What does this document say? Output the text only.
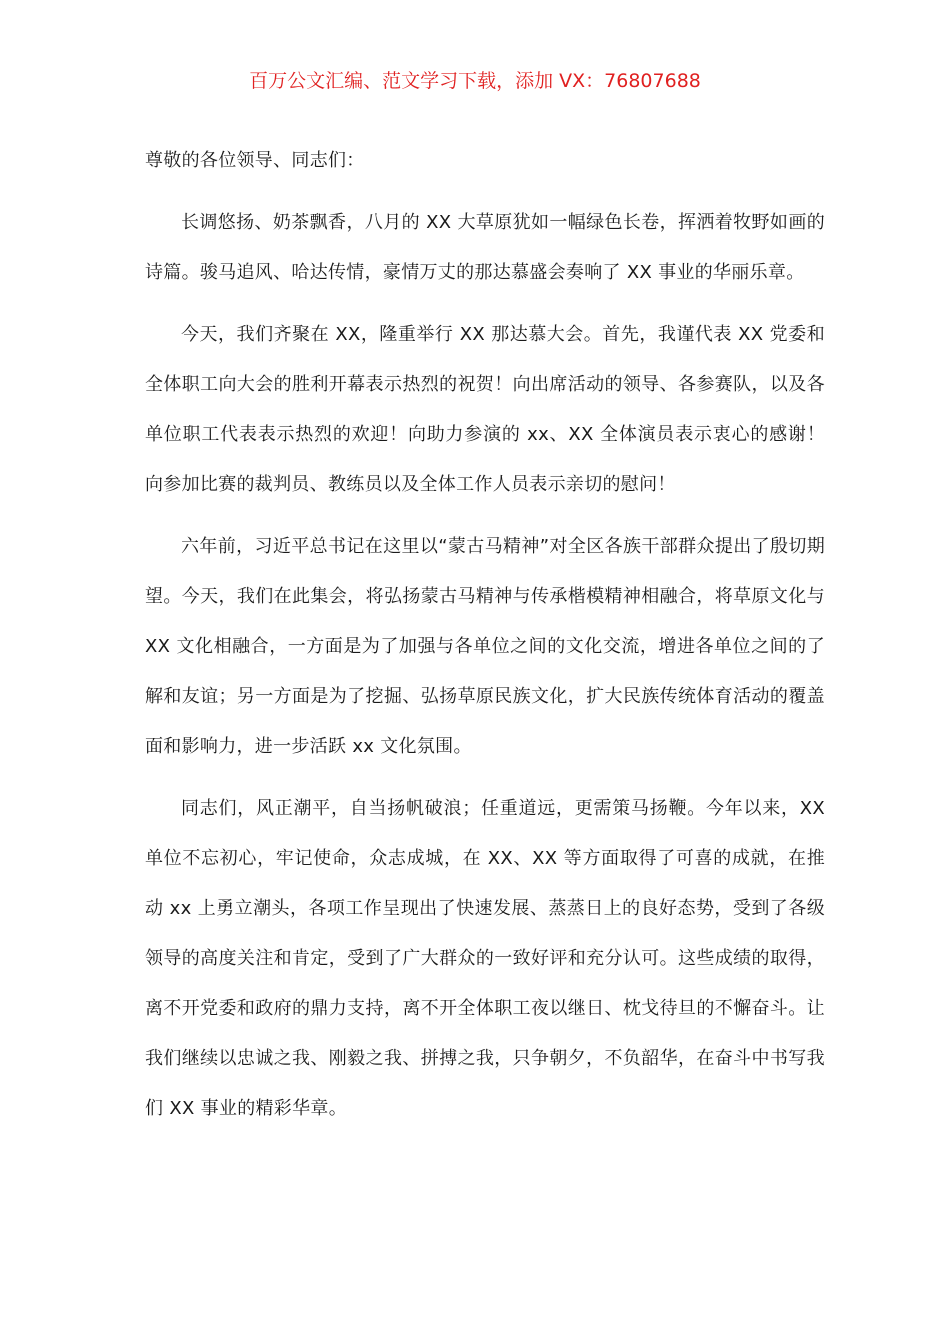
百万公文汇编、范文学习下载，添加 VX：76807688

尊敬的各位领导、同志们：

长调悠扬、奶茶飘香，八月的 XX 大草原犹如一幅绿色长卷，挥洒着牧野如画的诗篇。骏马追风、哈达传情，豪情万丈的那达慕盛会奏响了 XX 事业的华丽乐章。

今天，我们齐聚在 XX，隆重举行 XX 那达慕大会。首先，我谨代表 XX 党委和全体职工向大会的胜利开幕表示热烈的祝贺！向出席活动的领导、各参赛队，以及各单位职工代表表示热烈的欢迎！向助力参演的 xx、XX 全体演员表示衷心的感谢！向参加比赛的裁判员、教练员以及全体工作人员表示亲切的慰问！

六年前，习近平总书记在这里以“蒙古马精神”对全区各族干部群众提出了殷切期望。今天，我们在此集会，将弘扬蒙古马精神与传承楷模精神相融合，将草原文化与 XX 文化相融合，一方面是为了加强与各单位之间的文化交流，增进各单位之间的了解和友谊；另一方面是为了挖掘、弘扬草原民族文化，扩大民族传统体育活动的覆盖面和影响力，进一步活跃 xx 文化氛围。

同志们，风正潮平，自当扬帆破浪；任重道远，更需策马扬鞭。今年以来，XX 单位不忘初心，牢记使命，众志成城，在 XX、XX 等方面取得了可喜的成就，在推动 xx 上勇立潮头，各项工作呈现出了快速发展、蒸蒸日上的良好态势，受到了各级领导的高度关注和肯定，受到了广大群众的一致好评和充分认可。这些成绩的取得，离不开党委和政府的鼎力支持，离不开全体职工夜以继日、枕戈待旦的不懈奋斗。让我们继续以忠诚之我、刚毅之我、拼搏之我，只争朝夕，不负韶华，在奋斗中书写我们 XX 事业的精彩华章。
